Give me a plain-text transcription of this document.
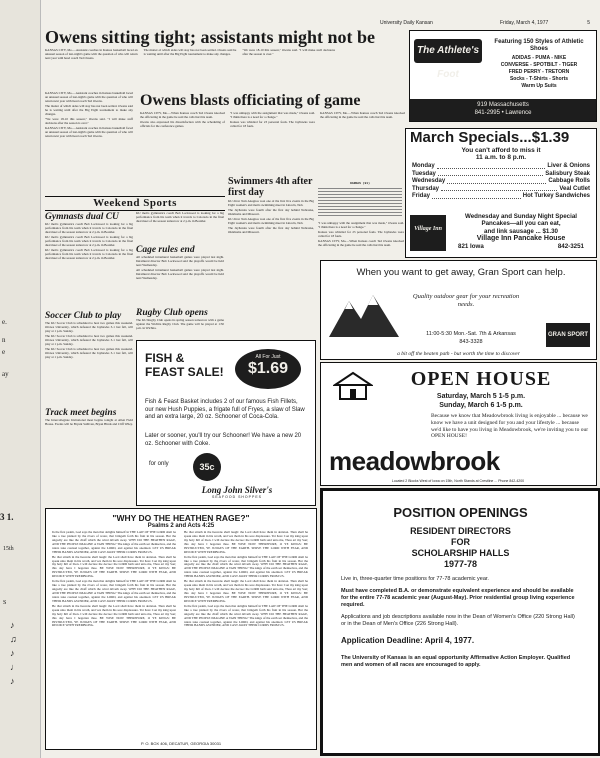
e.
n
e
ay
3 1.
15th
S
♪
♫
♪
♩
♪
University Daily Kansan	Friday, March 4, 1977	5
Owens sitting tight; assistants might not be

KANSAS CITY, Mo.—Assistant coaches in Kansas basketball faced an unusual season of last-night's game with the question of who will return next year with head coach Ted Owens.

The matter of which aides will stay has not been settled. Owens said he is waiting until after the Big Eight tournament to make any changes.

"We were 18-10 this season," Owens said. "I will make staff decisions after the season is over."

KANSAS CITY, Mo.—Assistant coaches in Kansas basketball faced an unusual season of last-night's game with the question of who will return next year with head coach Ted Owens.

The matter of which aides will stay has not been settled. Owens said he is waiting until after the Big Eight tournament to make any changes.

"We were 18-10 this season," Owens said. "I will make staff decisions after the season is over."

KANSAS CITY, Mo.—Assistant coaches in Kansas basketball faced an unusual season of last-night's game with the question of who will return next year with head coach Ted Owens.

The Athlete's Foot
Featuring 150 Styles of Athletic Shoes
ADIDAS - PUMA - NIKE
CONVERSE - SPOTBILT - TIGER
FRED PERRY - TRETORN
Socks - T-Shirts - Shorts
Warm Up Suits
919 Massachusetts
841-2995 • Lawrence
Owens blasts officiating of game

KANSAS CITY, Mo.—When Kansas coach Ted Owens knocked the officiating in the game he said the calls hurt his team.

Owens also expressed his dissatisfaction with the scheduling of officials for the conference games.

"I was unhappy with the assignment that was made," Owens said. "I think there is a need for a change."

Kansas was whistled for 23 personal fouls. The Jayhawks were called for 18 fouls.

KANSAS CITY, Mo.—When Kansas coach Ted Owens knocked the officiating in the game he said the calls hurt his team.

Swimmers 4th after first day

KU diver Tom Anagnos won one of the first five events in the Big Eight women's and men's swimming meet in Lincoln, Neb.

The Jayhawks were fourth after the first day behind Nebraska, Oklahoma and Missouri.

KU diver Tom Anagnos won one of the first five events in the Big Eight women's and men's swimming meet in Lincoln, Neb.

The Jayhawks were fourth after the first day behind Nebraska, Oklahoma and Missouri.

KANSAS (91)

"I was unhappy with the assignment that was made," Owens said. "I think there is a need for a change."

Kansas was whistled for 23 personal fouls. The Jayhawks were called for 18 fouls.

KANSAS CITY, Mo.—When Kansas coach Ted Owens knocked the officiating in the game he said the calls hurt his team.

Weekend Sports
Gymnasts dual CU

KU men's gymnastics coach Bob Lockwood is looking for a big performance from his team when it travels to Colorado in the final dual meet of the season tomorrow at 2 p.m. in Boulder.

KU men's gymnastics coach Bob Lockwood is looking for a big performance from his team when it travels to Colorado in the final dual meet of the season tomorrow at 2 p.m. in Boulder.

KU men's gymnastics coach Bob Lockwood is looking for a big performance from his team when it travels to Colorado in the final dual meet of the season tomorrow at 2 p.m. in Boulder.

Soccer Club to play

The KU Soccer Club is scheduled to host two games this weekend. Ottawa University, which defeated the Jayhawks 3-1 last fall, will play at 1 p.m. Sunday.

The KU Soccer Club is scheduled to host two games this weekend. Ottawa University, which defeated the Jayhawks 3-1 last fall, will play at 1 p.m. Sunday.

The KU Soccer Club is scheduled to host two games this weekend. Ottawa University, which defeated the Jayhawks 3-1 last fall, will play at 1 p.m. Sunday.

Track meet begins

The Intercollegiate Invitational meet begins tonight at Allen Field House. Events will be Bryant Sullivan, Bryan Hinds and Cliff Wiley.

KU men's gymnastics coach Bob Lockwood is looking for a big performance from his team when it travels to Colorado in the final dual meet of the season tomorrow at 2 p.m. in Boulder.

Cage rules end

All scheduled intramural basketball games were played last night. Intramural director Bob Lockwood said the playoffs would be held next Wednesday.

All scheduled intramural basketball games were played last night. Intramural director Bob Lockwood said the playoffs would be held next Wednesday.

Rugby Club opens

The KU Rugby Club opens its spring season tomorrow with a game against the Wichita Rugby Club. The game will be played at 1:30 p.m. in Wichita.

FISH & FEAST SALE!
All For Just
$1.69
Fish & Feast Basket includes 2 of our famous Fish Fillets, our new Hush Puppies, a frigate full of Fryes, a slaw of Slaw and an extra large, 20 oz. Schooner of Coca-Cola.
Later or sooner, you'll try our Schooner! We have a new 20 oz. Schooner with Coke.
for only	35c
Long John Silver's
SEAFOOD SHOPPES
March Specials...$1.39
You can't afford to miss it
11 a.m. to 8 p.m.
Monday	Liver & Onions
Tuesday	Salisbury Steak
Wednesday	Cabbage Rolls
Thursday	Veal Cutlet
Friday	Hot Turkey Sandwiches
Village Inn
Wednesday and Sunday Night Special
Pancakes—all you can eat,
and link sausage ... $1.30
Village Inn Pancake House
821 Iowa	842-3251
When you want to get away, Gran Sport can help.
Quality outdoor gear for your recreation needs.
11:00-5:30 Mon.-Sat. 7th & Arkansas
843-3328
GRAN SPORT
a bit off the beaten path - but worth the time to discover
OPEN HOUSE
Saturday, March 5 1-5 p.m.
Sunday, March 6 1-5 p.m.
Because we know that Meadowbrook living is enjoyable ... because we know we have a unit designed for you and your lifestyle ... because we'd like to have you living in Meadowbrook, we're inviting you to our OPEN HOUSE!
meadowbrook
Located 2 Blocks West of Iowa on 15th, North Stands at Crestline ... Phone 842-4200
"WHY DO THE HEATHEN RAGE?"
Psalms 2 and Acts 4:25

In the first psalm, God says the man that delights himself in THE LAW OF THE LORD shall be like a tree planted by the rivers of water, that bringeth forth his fruit in his season. But the ungodly are like the chaff which the wind driveth away. WHY DO THE HEATHEN RAGE, AND THE PEOPLE IMAGINE A VAIN THING? The kings of the earth set themselves, and the rulers take counsel together, against the LORD, and against his anointed. LET US BREAK THEIR BANDS ASUNDER, AND CAST AWAY THEIR CORDS FROM US.

He that sitteth in the heavens shall laugh: the Lord shall have them in derision. Then shall he speak unto them in his wrath, and vex them in his sore displeasure. Yet have I set my king upon my holy hill of Zion. I will declare the decree: the LORD hath said unto me, Thou art my Son; this day have I begotten thee. BE WISE NOW THEREFORE, O YE KINGS: BE INSTRUCTED, YE JUDGES OF THE EARTH. SERVE THE LORD WITH FEAR, AND REJOICE WITH TREMBLING.

In the first psalm, God says the man that delights himself in THE LAW OF THE LORD shall be like a tree planted by the rivers of water, that bringeth forth his fruit in his season. But the ungodly are like the chaff which the wind driveth away. WHY DO THE HEATHEN RAGE, AND THE PEOPLE IMAGINE A VAIN THING? The kings of the earth set themselves, and the rulers take counsel together, against the LORD, and against his anointed. LET US BREAK THEIR BANDS ASUNDER, AND CAST AWAY THEIR CORDS FROM US.

He that sitteth in the heavens shall laugh: the Lord shall have them in derision. Then shall he speak unto them in his wrath, and vex them in his sore displeasure. Yet have I set my king upon my holy hill of Zion. I will declare the decree: the LORD hath said unto me, Thou art my Son; this day have I begotten thee. BE WISE NOW THEREFORE, O YE KINGS: BE INSTRUCTED, YE JUDGES OF THE EARTH. SERVE THE LORD WITH FEAR, AND REJOICE WITH TREMBLING.

He that sitteth in the heavens shall laugh: the Lord shall have them in derision. Then shall he speak unto them in his wrath, and vex them in his sore displeasure. Yet have I set my king upon my holy hill of Zion. I will declare the decree: the LORD hath said unto me, Thou art my Son; this day have I begotten thee. BE WISE NOW THEREFORE, O YE KINGS: BE INSTRUCTED, YE JUDGES OF THE EARTH. SERVE THE LORD WITH FEAR, AND REJOICE WITH TREMBLING.

In the first psalm, God says the man that delights himself in THE LAW OF THE LORD shall be like a tree planted by the rivers of water, that bringeth forth his fruit in his season. But the ungodly are like the chaff which the wind driveth away. WHY DO THE HEATHEN RAGE, AND THE PEOPLE IMAGINE A VAIN THING? The kings of the earth set themselves, and the rulers take counsel together, against the LORD, and against his anointed. LET US BREAK THEIR BANDS ASUNDER, AND CAST AWAY THEIR CORDS FROM US.

He that sitteth in the heavens shall laugh: the Lord shall have them in derision. Then shall he speak unto them in his wrath, and vex them in his sore displeasure. Yet have I set my king upon my holy hill of Zion. I will declare the decree: the LORD hath said unto me, Thou art my Son; this day have I begotten thee. BE WISE NOW THEREFORE, O YE KINGS: BE INSTRUCTED, YE JUDGES OF THE EARTH. SERVE THE LORD WITH FEAR, AND REJOICE WITH TREMBLING.

In the first psalm, God says the man that delights himself in THE LAW OF THE LORD shall be like a tree planted by the rivers of water, that bringeth forth his fruit in his season. But the ungodly are like the chaff which the wind driveth away. WHY DO THE HEATHEN RAGE, AND THE PEOPLE IMAGINE A VAIN THING? The kings of the earth set themselves, and the rulers take counsel together, against the LORD, and against his anointed. LET US BREAK THEIR BANDS ASUNDER, AND CAST AWAY THEIR CORDS FROM US.

P. O. BOX 406, DECATUR, GEORGIA 30031
POSITION OPENINGS
RESIDENT DIRECTORS
FOR
SCHOLARSHIP HALLS
1977-78
Live in, three-quarter time positions for 77-78 academic year.
Must have completed B.A. or demonstrate equivalent experience and should be available for the entire 77-78 academic year (August-May). Prior residential group living experience required.
Applications and job descriptions available now in the Dean of Women's Office (220 Strong Hall) or in the Dean of Men's Office (226 Strong Hall).
Application Deadline: April 4, 1977.
The University of Kansas is an equal opportunity Affirmative Action Employer. Qualified men and women of all races are encouraged to apply.
